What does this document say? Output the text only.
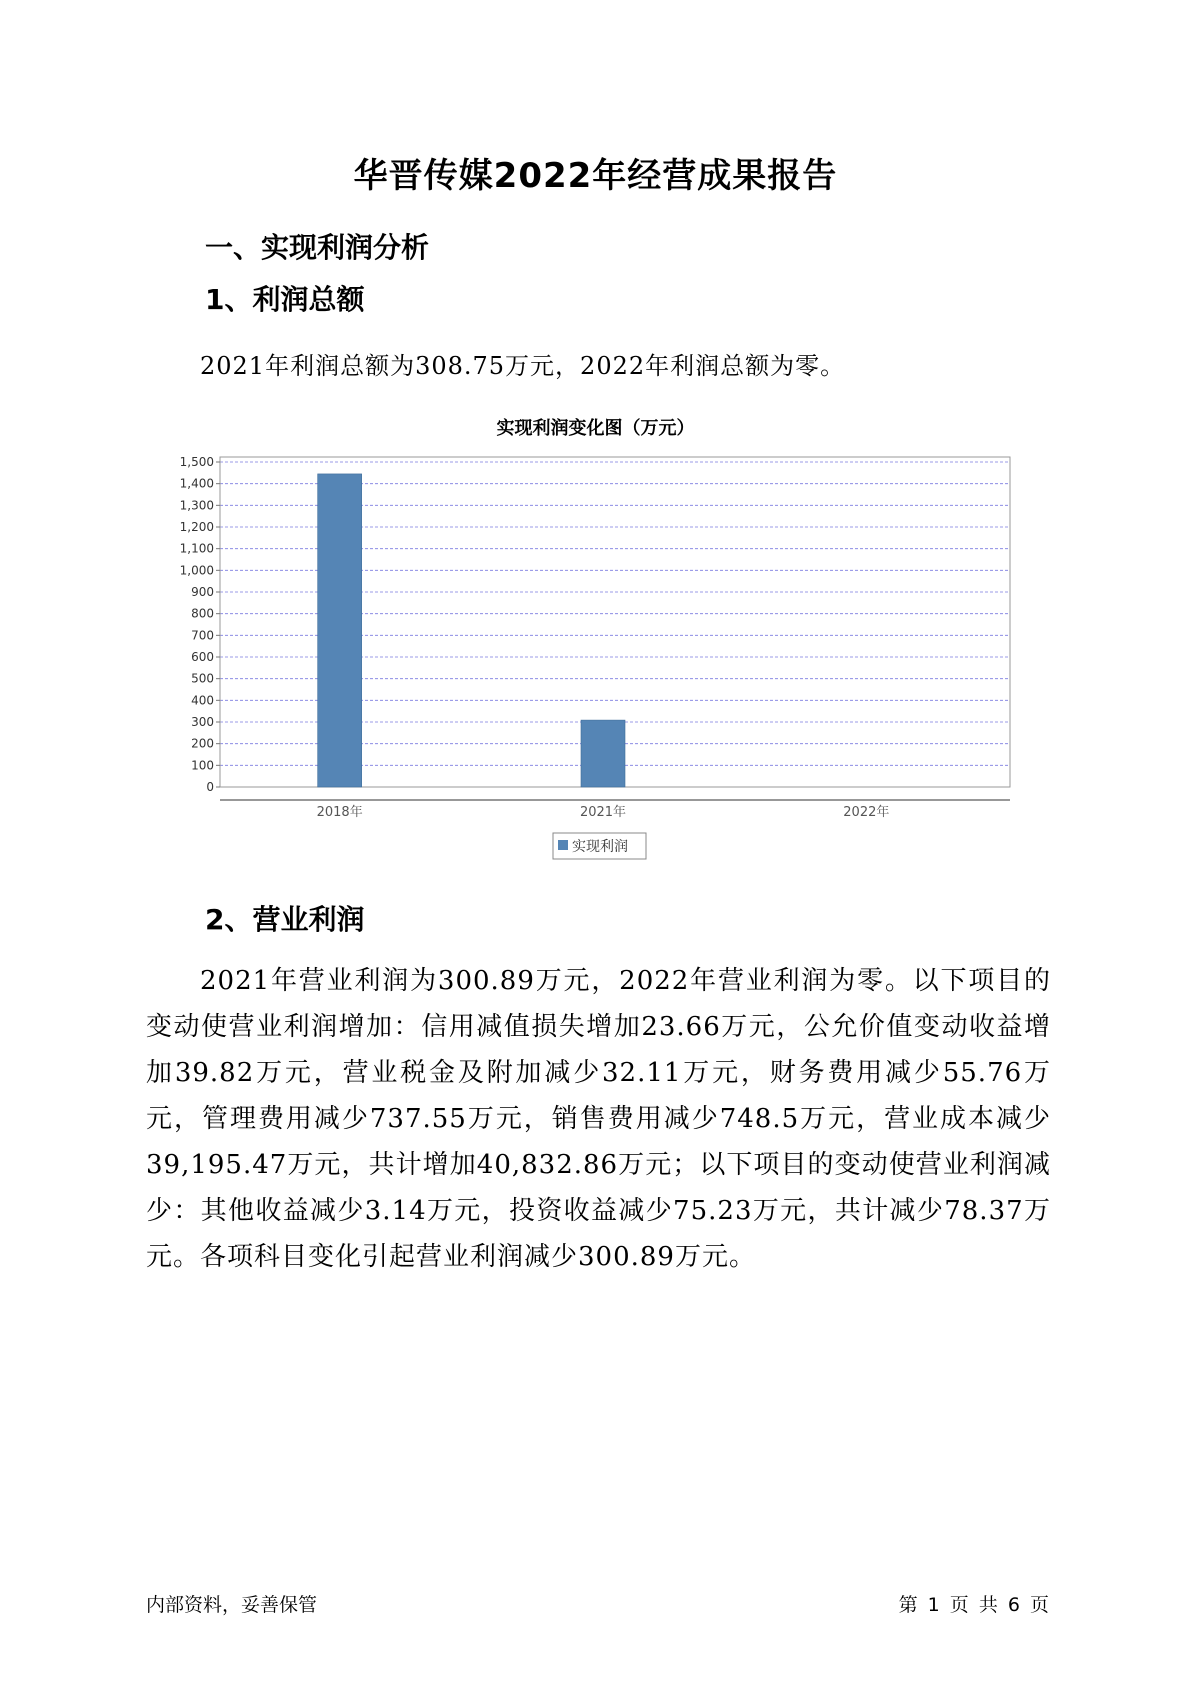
华晋传媒2022年经营成果报告
一、实现利润分析
1、利润总额
2021年利润总额为308.75万元，2022年利润总额为零。
实现利润变化图（万元）
0
100
200
300
400
500
600
700
800
900
1,000
1,100
1,200
1,300
1,400
1,500
2018年	2021年	2022年
实现利润
2、营业利润
2021年营业利润为300.89万元，2022年营业利润为零。以下项目的变动使营业利润增加：信用减值损失增加23.66万元，公允价值变动收益增加39.82万元，营业税金及附加减少32.11万元，财务费用减少55.76万元，管理费用减少737.55万元，销售费用减少748.5万元，营业成本减少39,195.47万元，共计增加40,832.86万元；以下项目的变动使营业利润减少：其他收益减少3.14万元，投资收益减少75.23万元，共计减少78.37万元。各项科目变化引起营业利润减少300.89万元。
内部资料，妥善保管	第 1 页 共 6 页
